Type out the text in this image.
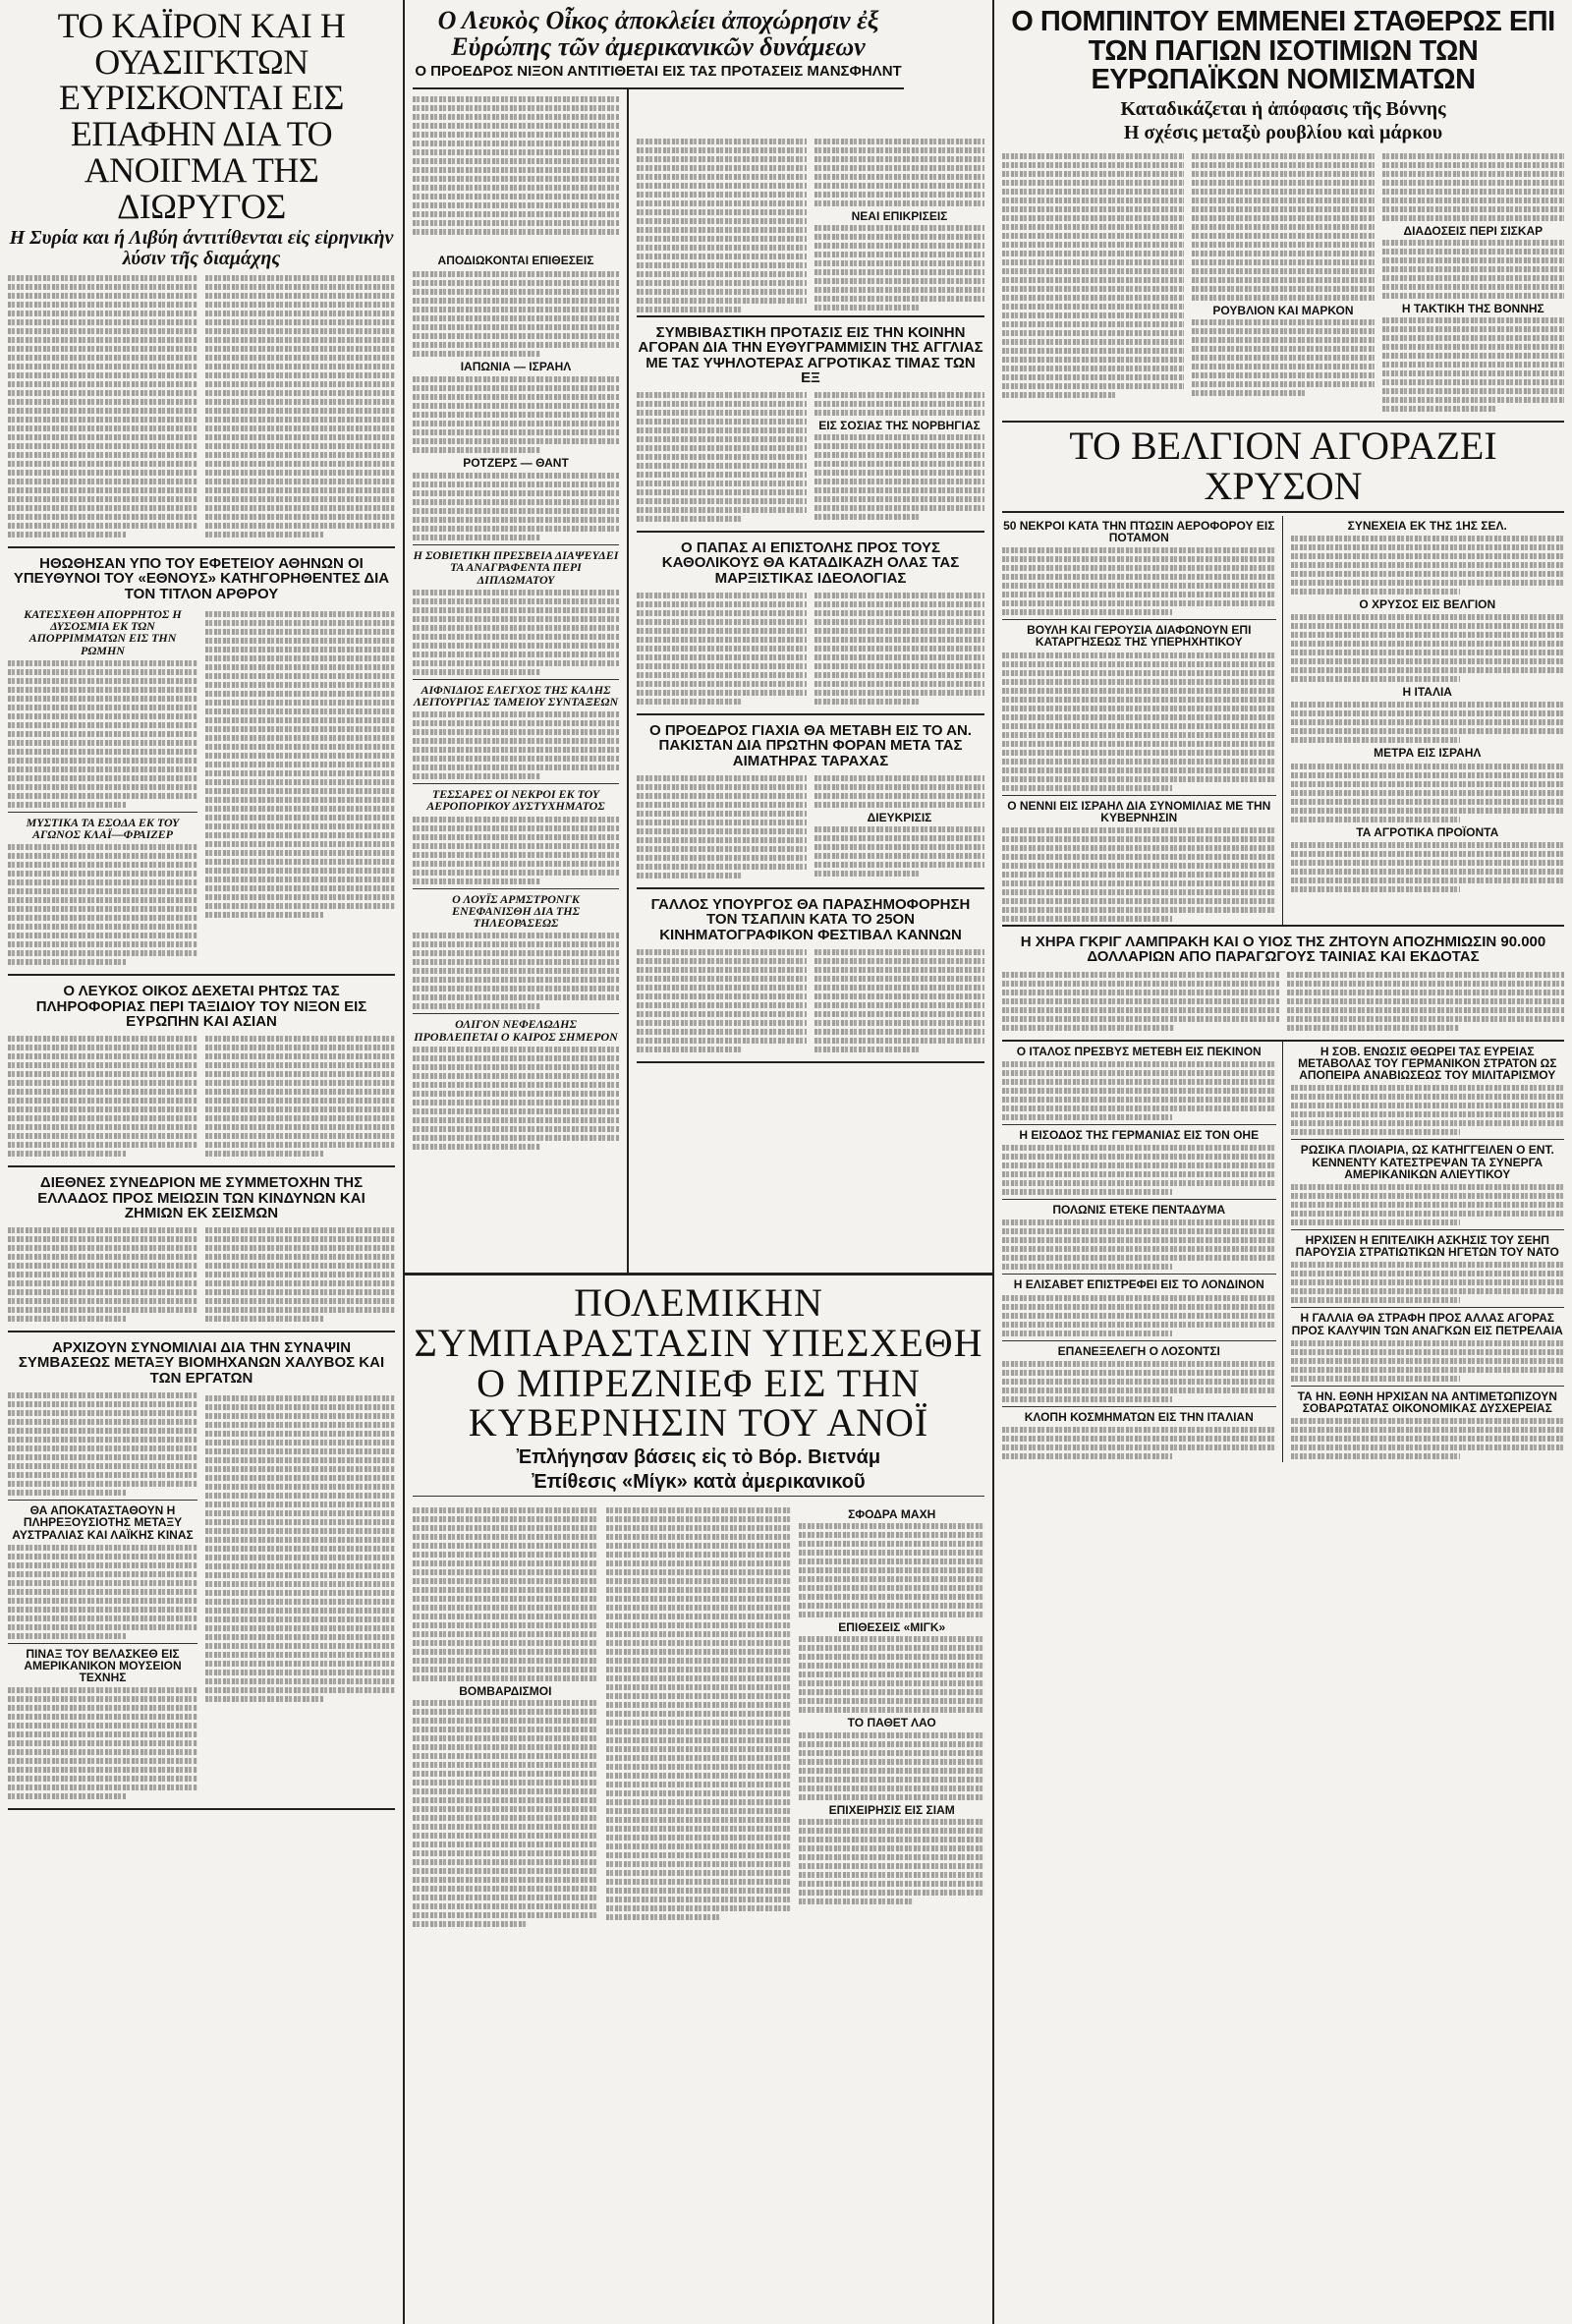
ΤΟ ΚΑΪΡΟΝ ΚΑΙ Η ΟΥΑΣΙΓΚΤΩΝ ΕΥΡΙΣΚΟΝΤΑΙ ΕΙΣ ΕΠΑΦΗΝ ΔΙΑ ΤΟ ΑΝΟΙΓΜΑ ΤΗΣ ΔΙΩΡΥΓΟΣ
Η Συρία και ή Λιβύη άντιτίθενται εἰς εἰρηνικὴν λύσιν τῆς διαμάχης
ΗΘΩΘΗΣΑΝ ΥΠΟ ΤΟΥ ΕΦΕΤΕΙΟΥ ΑΘΗΝΩΝ ΟΙ ΥΠΕΥΘΥΝΟΙ ΤΟΥ «ΕΘΝΟΥΣ» ΚΑΤΗΓΟΡΗΘΕΝΤΕΣ ΔΙΑ ΤΟΝ ΤΙΤΛΟΝ ΑΡΘΡΟΥ
ΚΑΤΕΣΧΕΘΗ ΑΠΟΡΡΗΤΟΣ Η ΔΥΣΟΣΜΙΑ ΕΚ ΤΩΝ ΑΠΟΡΡΙΜΜΑΤΩΝ ΕΙΣ ΤΗΝ ΡΩΜΗΝ
ΜΥΣΤΙΚΑ ΤΑ ΕΣΟΔΑ ΕΚ ΤΟΥ ΑΓΩΝΟΣ ΚΛΑΪ—ΦΡΑΙΖΕΡ
Ο ΛΕΥΚΟΣ ΟΙΚΟΣ ΔΕΧΕΤΑΙ ΡΗΤΩΣ ΤΑΣ ΠΛΗΡΟΦΟΡΙΑΣ ΠΕΡΙ ΤΑΞΙΔΙΟΥ ΤΟΥ ΝΙΞΟΝ ΕΙΣ ΕΥΡΩΠΗΝ ΚΑΙ ΑΣΙΑΝ
ΔΙΕΘΝΕΣ ΣΥΝΕΔΡΙΟΝ ΜΕ ΣΥΜΜΕΤΟΧΗΝ ΤΗΣ ΕΛΛΑΔΟΣ ΠΡΟΣ ΜΕΙΩΣΙΝ ΤΩΝ ΚΙΝΔΥΝΩΝ ΚΑΙ ΖΗΜΙΩΝ ΕΚ ΣΕΙΣΜΩΝ
ΑΡΧΙΖΟΥΝ ΣΥΝΟΜΙΛΙΑΙ ΔΙΑ ΤΗΝ ΣΥΝΑΨΙΝ ΣΥΜΒΑΣΕΩΣ ΜΕΤΑΞΥ ΒΙΟΜΗΧΑΝΩΝ ΧΑΛΥΒΟΣ ΚΑΙ ΤΩΝ ΕΡΓΑΤΩΝ
ΘΑ ΑΠΟΚΑΤΑΣΤΑΘΟΥΝ Η ΠΛΗΡΕΞΟΥΣΙΟΤΗΣ ΜΕΤΑΞΥ ΑΥΣΤΡΑΛΙΑΣ ΚΑΙ ΛΑΪΚΗΣ ΚΙΝΑΣ
ΠΙΝΑΞ ΤΟΥ ΒΕΛΑΣΚΕΘ ΕΙΣ ΑΜΕΡΙΚΑΝΙΚΟΝ ΜΟΥΣΕΙΟΝ ΤΕΧΝΗΣ
Ο Λευκὸς Οἶκος ἀποκλείει ἀποχώρησιν ἐξ Εὐρώπης τῶν ἀμερικανικῶν δυνάμεων
Ο ΠΡΟΕΔΡΟΣ ΝΙΞΟΝ ΑΝΤΙΤΙΘΕΤΑΙ ΕΙΣ ΤΑΣ ΠΡΟΤΑΣΕΙΣ ΜΑΝΣΦΗΛΝΤ
ΑΠΟΔΙΩΚΟΝΤΑΙ ΕΠΙΘΕΣΕΙΣ
ΙΑΠΩΝΙΑ — ΙΣΡΑΗΛ
ΡΟΤΖΕΡΣ — ΘΑΝΤ
Η ΣΟΒΙΕΤΙΚΗ ΠΡΕΣΒΕΙΑ ΔΙΑΨΕΥΔΕΙ ΤΑ ΑΝΑΓΡΑΦΕΝΤΑ ΠΕΡΙ ΔΙΠΛΩΜΑΤΟΥ
ΑΙΦΝΙΔΙΟΣ ΕΛΕΓΧΟΣ ΤΗΣ ΚΑΛΗΣ ΛΕΙΤΟΥΡΓΙΑΣ ΤΑΜΕΙΟΥ ΣΥΝΤΑΞΕΩΝ
ΤΕΣΣΑΡΕΣ ΟΙ ΝΕΚΡΟΙ ΕΚ ΤΟΥ ΑΕΡΟΠΟΡΙΚΟΥ ΔΥΣΤΥΧΗΜΑΤΟΣ
Ο ΛΟΥΪΣ ΑΡΜΣΤΡΟΝΓΚ ΕΝΕΦΑΝΙΣΘΗ ΔΙΑ ΤΗΣ ΤΗΛΕΟΡΑΣΕΩΣ
ΟΛΙΓΟΝ ΝΕΦΕΛΩΔΗΣ ΠΡΟΒΛΕΠΕΤΑΙ Ο ΚΑΙΡΟΣ ΣΗΜΕΡΟΝ
ΝΕΑΙ ΕΠΙΚΡΙΣΕΙΣ
ΣΥΜΒΙΒΑΣΤΙΚΗ ΠΡΟΤΑΣΙΣ ΕΙΣ ΤΗΝ ΚΟΙΝΗΝ ΑΓΟΡΑΝ ΔΙΑ ΤΗΝ ΕΥΘΥΓΡΑΜΜΙΣΙΝ ΤΗΣ ΑΓΓΛΙΑΣ ΜΕ ΤΑΣ ΥΨΗΛΟΤΕΡΑΣ ΑΓΡΟΤΙΚΑΣ ΤΙΜΑΣ ΤΩΝ ΕΞ
ΕΙΣ ΣΟΣΙΑΣ ΤΗΣ ΝΟΡΒΗΓΙΑΣ
Ο ΠΑΠΑΣ ΑΙ ΕΠΙΣΤΟΛΗΣ ΠΡΟΣ ΤΟΥΣ ΚΑΘΟΛΙΚΟΥΣ ΘΑ ΚΑΤΑΔΙΚΑΖΗ ΟΛΑΣ ΤΑΣ ΜΑΡΞΙΣΤΙΚΑΣ ΙΔΕΟΛΟΓΙΑΣ
Ο ΠΡΟΕΔΡΟΣ ΓΙΑΧΙΑ ΘΑ ΜΕΤΑΒΗ ΕΙΣ ΤΟ ΑΝ. ΠΑΚΙΣΤΑΝ ΔΙΑ ΠΡΩΤΗΝ ΦΟΡΑΝ ΜΕΤΑ ΤΑΣ ΑΙΜΑΤΗΡΑΣ ΤΑΡΑΧΑΣ
ΔΙΕΥΚΡΙΣΙΣ
ΓΑΛΛΟΣ ΥΠΟΥΡΓΟΣ ΘΑ ΠΑΡΑΣΗΜΟΦΟΡΗΣΗ ΤΟΝ ΤΣΑΠΛΙΝ ΚΑΤΑ ΤΟ 25ΟΝ ΚΙΝΗΜΑΤΟΓΡΑΦΙΚΟΝ ΦΕΣΤΙΒΑΛ ΚΑΝΝΩΝ
ΠΟΛΕΜΙΚΗΝ ΣΥΜΠΑΡΑΣΤΑΣΙΝ ΥΠΕΣΧΕΘΗ Ο ΜΠΡΕΖΝΙΕΦ ΕΙΣ ΤΗΝ ΚΥΒΕΡΝΗΣΙΝ ΤΟΥ ΑΝΟΪ
Ἐπλήγησαν βάσεις εἰς τὸ Βόρ. Βιετνάμ
Ἐπίθεσις «Μίγκ» κατὰ ἀμερικανικοῦ
ΒΟΜΒΑΡΔΙΣΜΟΙ
ΣΦΟΔΡΑ ΜΑΧΗ
ΕΠΙΘΕΣΕΙΣ «ΜΙΓΚ»
ΤΟ ΠΑΘΕΤ ΛΑΟ
ΕΠΙΧΕΙΡΗΣΙΣ ΕΙΣ ΣΙΑΜ
Ο ΠΟΜΠΙΝΤΟΥ ΕΜΜΕΝΕΙ ΣΤΑΘΕΡΩΣ ΕΠΙ ΤΩΝ ΠΑΓΙΩΝ ΙΣΟΤΙΜΙΩΝ ΤΩΝ ΕΥΡΩΠΑΪΚΩΝ ΝΟΜΙΣΜΑΤΩΝ
Καταδικάζεται ἡ ἀπόφασις τῆς Βόννης
Η σχέσις μεταξὺ ρουβλίου καὶ μάρκου
ΡΟΥΒΛΙΟΝ ΚΑΙ ΜΑΡΚΟΝ
ΔΙΑΔΟΣΕΙΣ ΠΕΡΙ ΣΙΣΚΑΡ
Η ΤΑΚΤΙΚΗ ΤΗΣ ΒΟΝΝΗΣ
ΤΟ ΒΕΛΓΙΟΝ ΑΓΟΡΑΖΕΙ ΧΡΥΣΟΝ
50 ΝΕΚΡΟΙ ΚΑΤΑ ΤΗΝ ΠΤΩΣΙΝ ΑΕΡΟΦΟΡΟΥ ΕΙΣ ΠΟΤΑΜΟΝ
ΒΟΥΛΗ ΚΑΙ ΓΕΡΟΥΣΙΑ ΔΙΑΦΩΝΟΥΝ ΕΠΙ ΚΑΤΑΡΓΗΣΕΩΣ ΤΗΣ ΥΠΕΡΗΧΗΤΙΚΟΥ
Ο ΝΕΝΝΙ ΕΙΣ ΙΣΡΑΗΛ ΔΙΑ ΣΥΝΟΜΙΛΙΑΣ ΜΕ ΤΗΝ ΚΥΒΕΡΝΗΣΙΝ
ΣΥΝΕΧΕΙΑ ΕΚ ΤΗΣ 1ΗΣ ΣΕΛ.
Ο ΧΡΥΣΟΣ ΕΙΣ ΒΕΛΓΙΟΝ
Η ΙΤΑΛΙΑ
ΜΕΤΡΑ ΕΙΣ ΙΣΡΑΗΛ
ΤΑ ΑΓΡΟΤΙΚΑ ΠΡΟΪΟΝΤΑ
Η ΧΗΡΑ ΓΚΡΙΓ ΛΑΜΠΡΑΚΗ ΚΑΙ Ο ΥΙΟΣ ΤΗΣ ΖΗΤΟΥΝ ΑΠΟΖΗΜΙΩΣΙΝ 90.000 ΔΟΛΛΑΡΙΩΝ ΑΠΟ ΠΑΡΑΓΩΓΟΥΣ ΤΑΙΝΙΑΣ ΚΑΙ ΕΚΔΟΤΑΣ
Ο ΙΤΑΛΟΣ ΠΡΕΣΒΥΣ ΜΕΤΕΒΗ ΕΙΣ ΠΕΚΙΝΟΝ
Η ΕΙΣΟΔΟΣ ΤΗΣ ΓΕΡΜΑΝΙΑΣ ΕΙΣ ΤΟΝ ΟΗΕ
ΠΟΛΩΝΙΣ ΕΤΕΚΕ ΠΕΝΤΑΔΥΜΑ
Η ΕΛΙΣΑΒΕΤ ΕΠΙΣΤΡΕΦΕΙ ΕΙΣ ΤΟ ΛΟΝΔΙΝΟΝ
ΕΠΑΝΕΞΕΛΕΓΗ Ο ΛΟΣΟΝΤΣΙ
ΚΛΟΠΗ ΚΟΣΜΗΜΑΤΩΝ ΕΙΣ ΤΗΝ ΙΤΑΛΙΑΝ
Η ΣΟΒ. ΕΝΩΣΙΣ ΘΕΩΡΕΙ ΤΑΣ ΕΥΡΕΙΑΣ ΜΕΤΑΒΟΛΑΣ ΤΟΥ ΓΕΡΜΑΝΙΚΟΝ ΣΤΡΑΤΟΝ ΩΣ ΑΠΟΠΕΙΡΑ ΑΝΑΒΙΩΣΕΩΣ ΤΟΥ ΜΙΛΙΤΑΡΙΣΜΟΥ
ΡΩΣΙΚΑ ΠΛΟΙΑΡΙΑ, ΩΣ ΚΑΤΗΓΓΕΙΛΕΝ Ο ΕΝΤ. ΚΕΝΝΕΝΤΥ ΚΑΤΕΣΤΡΕΨΑΝ ΤΑ ΣΥΝΕΡΓΑ ΑΜΕΡΙΚΑΝΙΚΩΝ ΑΛΙΕΥΤΙΚΟΥ
ΗΡΧΙΣΕΝ Η ΕΠΙΤΕΛΙΚΗ ΑΣΚΗΣΙΣ ΤΟΥ ΣΕΗΠ ΠΑΡΟΥΣΙΑ ΣΤΡΑΤΙΩΤΙΚΩΝ ΗΓΕΤΩΝ ΤΟΥ ΝΑΤΟ
Η ΓΑΛΛΙΑ ΘΑ ΣΤΡΑΦΗ ΠΡΟΣ ΑΛΛΑΣ ΑΓΟΡΑΣ ΠΡΟΣ ΚΑΛΥΨΙΝ ΤΩΝ ΑΝΑΓΚΩΝ ΕΙΣ ΠΕΤΡΕΛΑΙΑ
ΤΑ ΗΝ. ΕΘΝΗ ΗΡΧΙΣΑΝ ΝΑ ΑΝΤΙΜΕΤΩΠΙΖΟΥΝ ΣΟΒΑΡΩΤΑΤΑΣ ΟΙΚΟΝΟΜΙΚΑΣ ΔΥΣΧΕΡΕΙΑΣ
